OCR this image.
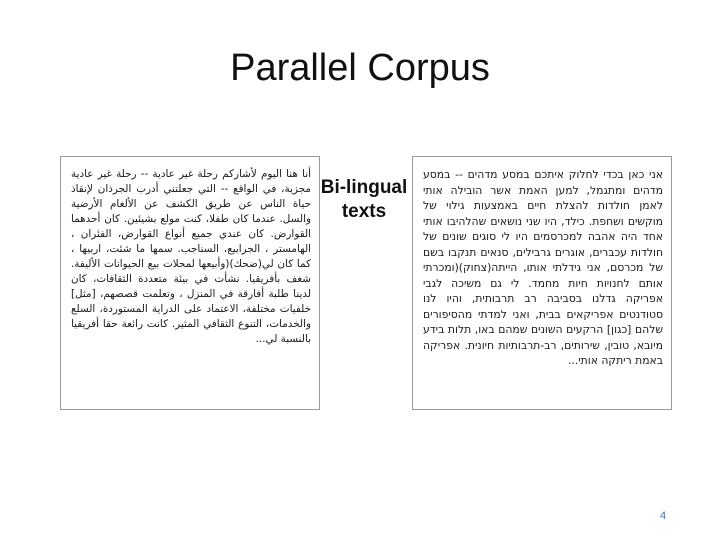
Parallel Corpus
أنا هنا اليوم لأشاركم رحلة غير عادية -- رحلة غير عادية مجزية، في الواقع -- التي جعلتني أدرب الجرذان لإنقاذ حياة الناس عن طريق الكشف عن الألغام الأرضية والسل. عندما كان طفلا، كنت مولع بشيئين. كان أحدهما القوارض. كان عندي جميع أنواع القوارض، الفئران ، الهامستر ، الجرابيع، السناجب. سمها ما شئت، اربيها ، كما كان لي(ضحك)(وأبيعها لمحلات بيع الحيوانات الأليفة. شغف بأفريقيا. نشأت في بيئة متعددة الثقافات، كان لدينا طلبة أفارقة في المنزل ، وتعلمت قصصهم، [مثل] خلفيات مختلفة، الاعتماد على الدراية المستوردة، السلع والخدمات، التنوع الثقافي المثير. كانت رائعة حقا أفريقيا بالنسبة لي...
Bi-lingual
texts
אני כאן בכדי לחלוק איתכם במסע מדהים -- במסע מדהים ומתגמל, למען האמת אשר הובילה אותי לאמן חולדות להצלת חיים באמצעות גילוי של מוקשים ושחפת. כילד, היו שני נושאים שהלהיבו אותי אחד היה אהבה למכרסמים היו לי סוגים שונים של חולדות עכברים, אוגרים גרבילים, סנאים תנקבו בשם של מכרסם, אני גידלתי אותו, הייתה(צחוק)(ומכרתי אותם לחנויות חיות מחמד. לי גם משיכה לגבי אפריקה גדלנו בסביבה רב תרבותית, והיו לנו סטודנטים אפריקאים בבית, ואני למדתי מהסיפורים שלהם [כגון] הרקעים השונים שמהם באו, תלות בידע מיובא, טובין, שירותים, רב-תרבותיות חיונית. אפריקה באמת ריתקה אותי...
4
